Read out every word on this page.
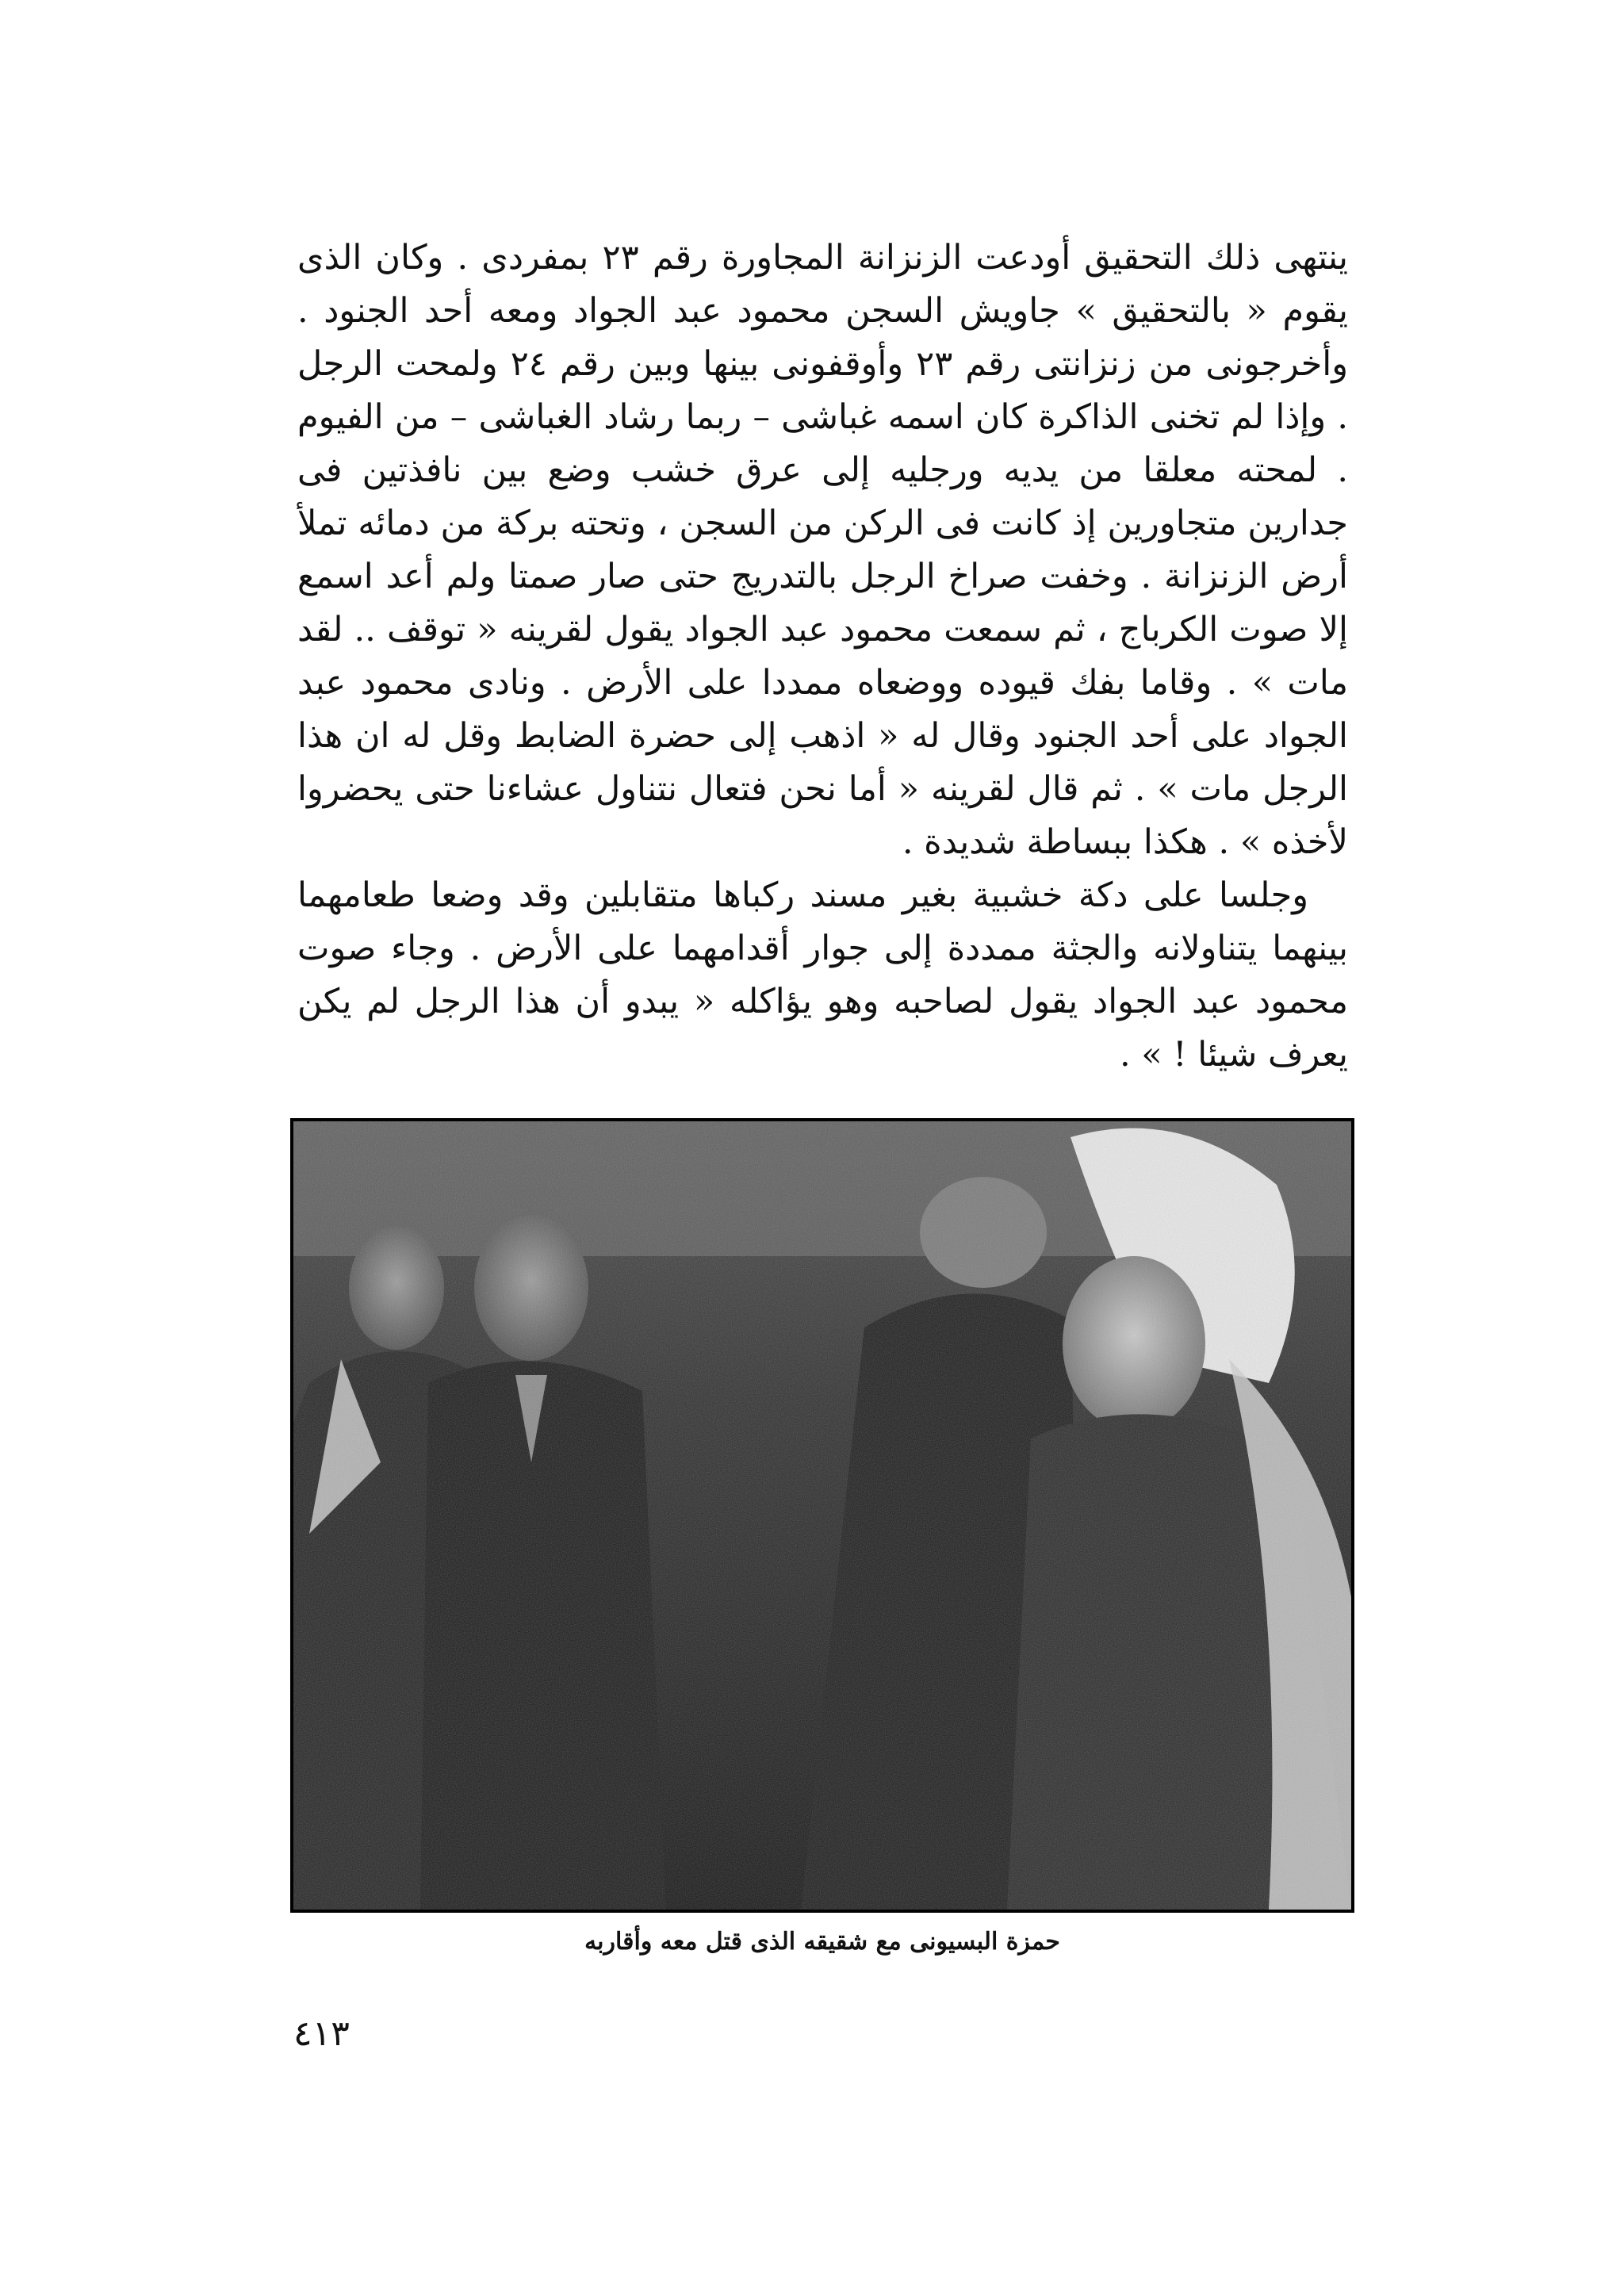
ينتهى ذلك التحقيق أودعت الزنزانة المجاورة رقم ٢٣ بمفردى . وكان الذى يقوم « بالتحقيق » جاويش السجن محمود عبد الجواد ومعه أحد الجنود . وأخرجونى من زنزانتى رقم ٢٣ وأوقفونى بينها وبين رقم ٢٤ ولمحت الرجل . وإذا لم تخنى الذاكرة كان اسمه غباشى – ربما رشاد الغباشى – من الفيوم . لمحته معلقا من يديه ورجليه إلى عرق خشب وضع بين نافذتين فى جدارين متجاورين إذ كانت فى الركن من السجن ، وتحته بركة من دمائه تملأ أرض الزنزانة . وخفت صراخ الرجل بالتدريج حتى صار صمتا ولم أعد اسمع إلا صوت الكرباج ، ثم سمعت محمود عبد الجواد يقول لقرينه « توقف .. لقد مات » . وقاما بفك قيوده ووضعاه ممددا على الأرض . ونادى محمود عبد الجواد على أحد الجنود وقال له « اذهب إلى حضرة الضابط وقل له ان هذا الرجل مات » . ثم قال لقرينه « أما نحن فتعال نتناول عشاءنا حتى يحضروا لأخذه » . هكذا ببساطة شديدة .

وجلسا على دكة خشبية بغير مسند ركباها متقابلين وقد وضعا طعامهما بينهما يتناولانه والجثة ممددة إلى جوار أقدامهما على الأرض . وجاء صوت محمود عبد الجواد يقول لصاحبه وهو يؤاكله « يبدو أن هذا الرجل لم يكن يعرف شيئا ! » .

حمزة البسيونى مع شقيقه الذى قتل معه وأقاربه
٤١٣
